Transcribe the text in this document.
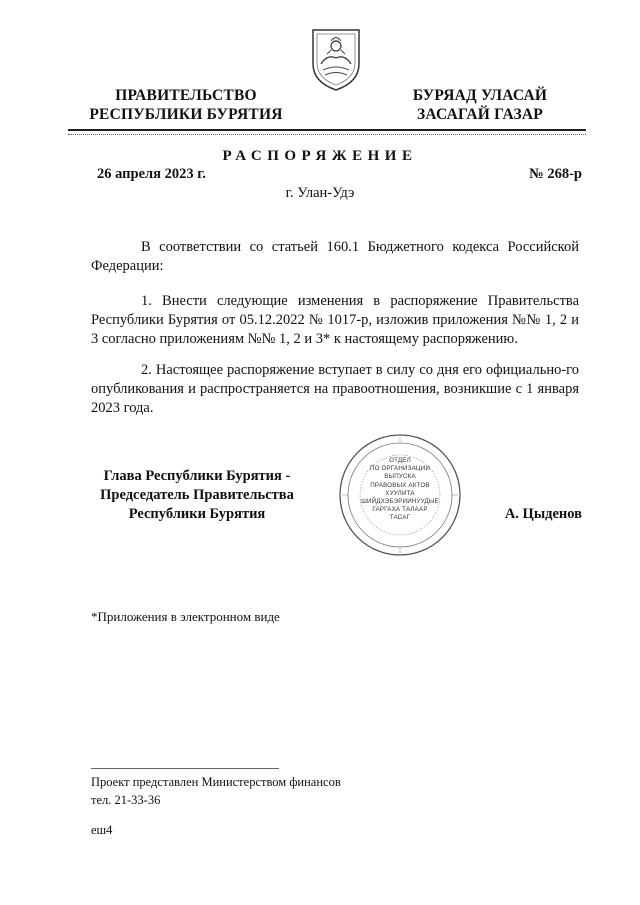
ПРАВИТЕЛЬСТВО
РЕСПУБЛИКИ БУРЯТИЯ
БУРЯАД УЛАСАЙ
ЗАСАГАЙ ГАЗАР
РАСПОРЯЖЕНИЕ
26 апреля 2023 г.	№ 268-р
г. Улан-Удэ

В соответствии со статьей 160.1 Бюджетного кодекса Российской Федерации:

1. Внести следующие изменения в распоряжение Правительства Республики Бурятия от 05.12.2022 № 1017-р, изложив приложения №№ 1, 2 и 3 согласно приложениям №№ 1, 2 и 3* к настоящему распоряжению.

2. Настоящее распоряжение вступает в силу со дня его официально-го опубликования и распространяется на правоотношения, возникшие с 1 января 2023 года.

Глава Республики Бурятия -
Председатель Правительства
Республики Бурятия
ОТДЕЛ
ПО ОРГАНИЗАЦИИ
ВЫПУСКА
ПРАВОВЫХ АКТОВ
ХУУЛИТА
ШИЙДХЭБЭРИИНУУДЫЕ
ГАРГАХА ТАЛААР
ТАСАГ	А. Цыденов
*Приложения в электронном виде
Проект представлен Министерством финансов
тел. 21-33-36
еш4
